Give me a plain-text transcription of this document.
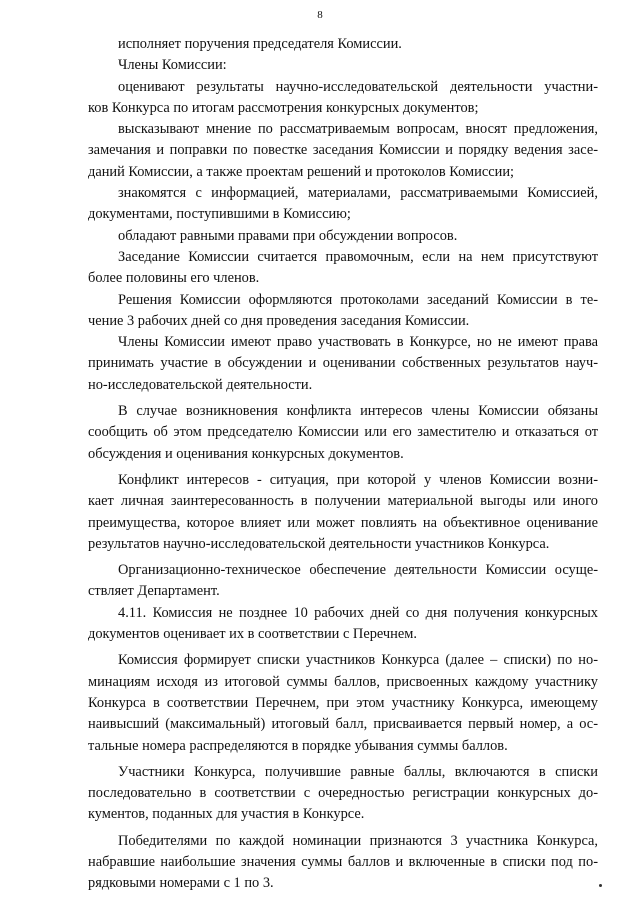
8
исполняет поручения председателя Комиссии.
Члены Комиссии:
оценивают результаты научно-исследовательской деятельности участни-
ков Конкурса по итогам рассмотрения конкурсных документов;
высказывают мнение по рассматриваемым вопросам, вносят предложения,
замечания и поправки по повестке заседания Комиссии и порядку ведения засе-
даний Комиссии, а также проектам решений и протоколов Комиссии;
знакомятся с информацией, материалами, рассматриваемыми Комиссией,
документами, поступившими в Комиссию;
обладают равными правами при обсуждении вопросов.
Заседание Комиссии считается правомочным, если на нем присутствуют
более половины его членов.
Решения Комиссии оформляются протоколами заседаний Комиссии в те-
чение 3 рабочих дней со дня проведения заседания Комиссии.
Члены Комиссии имеют право участвовать в Конкурсе, но не имеют права
принимать участие в обсуждении и оценивании собственных результатов науч-
но-исследовательской деятельности.
В случае возникновения конфликта интересов члены Комиссии обязаны
сообщить об этом председателю Комиссии или его заместителю и отказаться от
обсуждения и оценивания конкурсных документов.
Конфликт интересов - ситуация, при которой у членов Комиссии возни-
кает личная заинтересованность в получении материальной выгоды или иного
преимущества, которое влияет или может повлиять на объективное оценивание
результатов научно-исследовательской деятельности участников Конкурса.
Организационно-техническое обеспечение деятельности Комиссии осуще-
ствляет Департамент.
4.11. Комиссия не позднее 10 рабочих дней со дня получения конкурсных
документов оценивает их в соответствии с Перечнем.
Комиссия формирует списки участников Конкурса (далее – списки) по но-
минациям исходя из итоговой суммы баллов, присвоенных каждому участнику
Конкурса в соответствии Перечнем, при этом участнику Конкурса, имеющему
наивысший (максимальный) итоговый балл, присваивается первый номер, а ос-
тальные номера распределяются в порядке убывания суммы баллов.
Участники Конкурса, получившие равные баллы, включаются в списки
последовательно в соответствии с очередностью регистрации конкурсных до-
кументов, поданных для участия в Конкурсе.
Победителями по каждой номинации признаются 3 участника Конкурса,
набравшие наибольшие значения суммы баллов и включенные в списки под по-
рядковыми номерами с 1 по 3.
